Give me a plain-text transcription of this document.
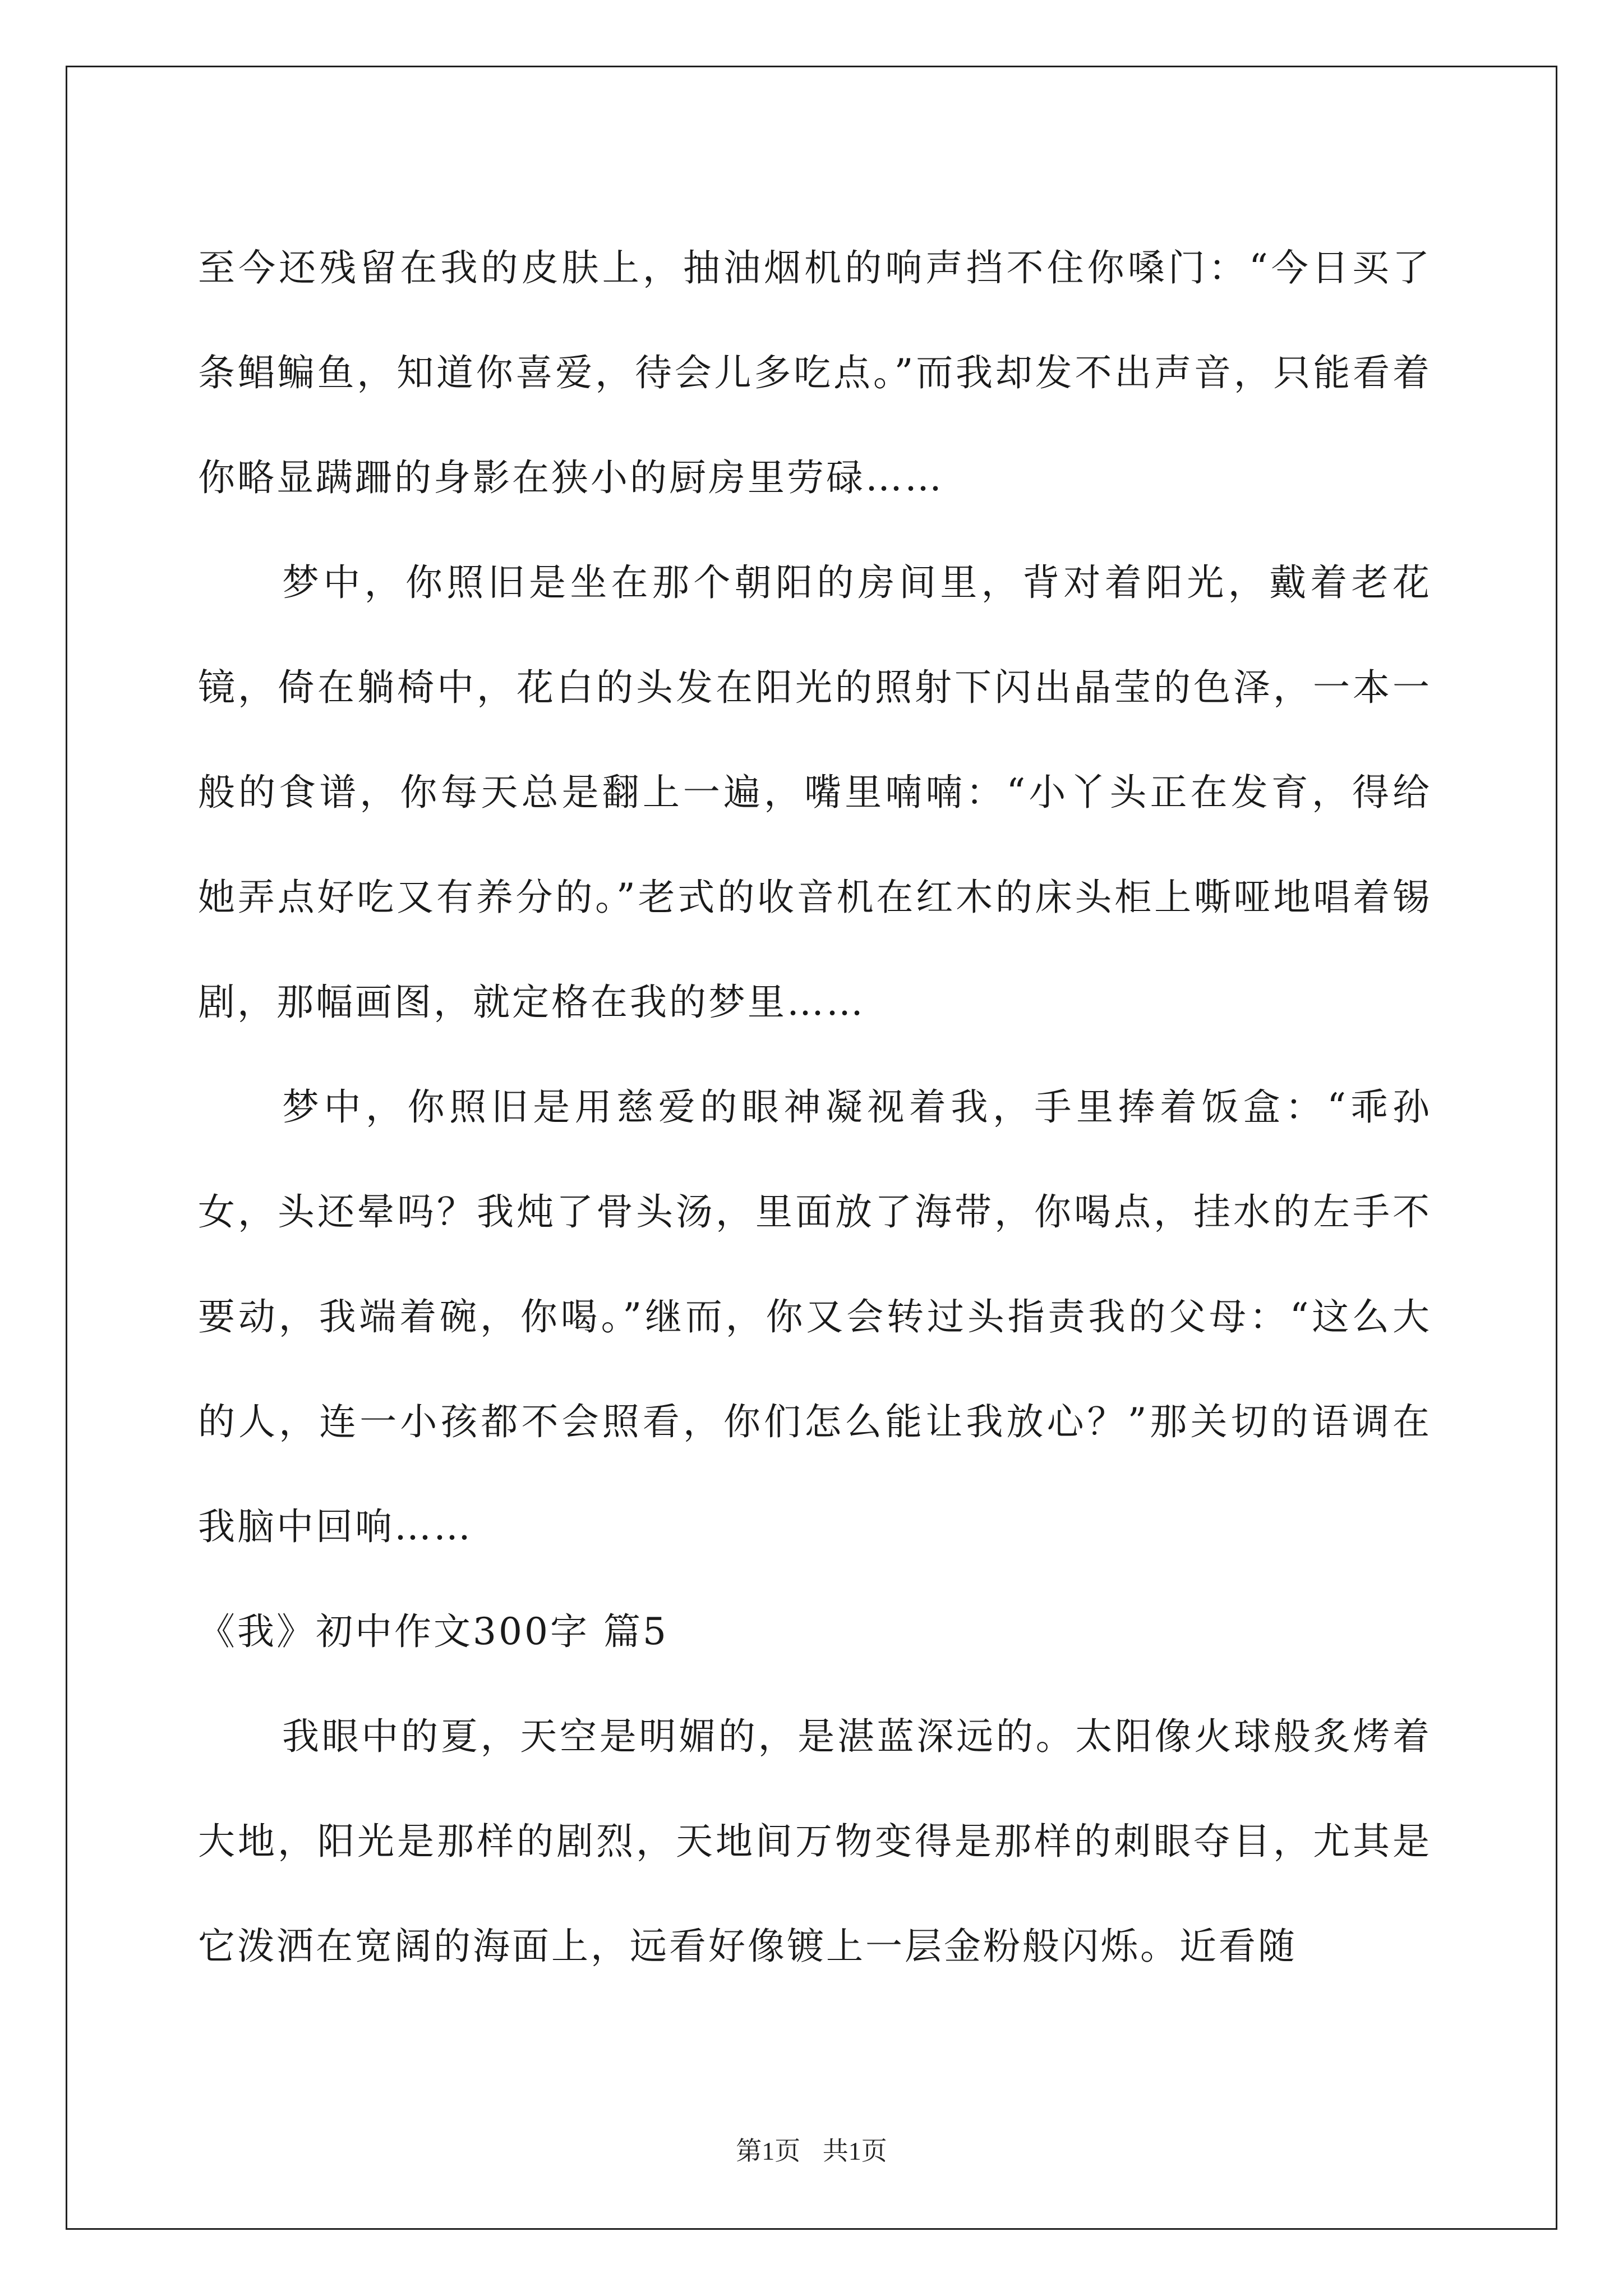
至今还残留在我的皮肤上，抽油烟机的响声挡不住你嗓门：“今日买了条鲳鳊鱼，知道你喜爱，待会儿多吃点。”而我却发不出声音，只能看着你略显蹒跚的身影在狭小的厨房里劳碌……

梦中，你照旧是坐在那个朝阳的房间里，背对着阳光，戴着老花镜，倚在躺椅中，花白的头发在阳光的照射下闪出晶莹的色泽，一本一般的食谱，你每天总是翻上一遍，嘴里喃喃：“小丫头正在发育，得给她弄点好吃又有养分的。”老式的收音机在红木的床头柜上嘶哑地唱着锡剧，那幅画图，就定格在我的梦里……

梦中，你照旧是用慈爱的眼神凝视着我，手里捧着饭盒：“乖孙女，头还晕吗？我炖了骨头汤，里面放了海带，你喝点，挂水的左手不要动，我端着碗，你喝。”继而，你又会转过头指责我的父母：“这么大的人，连一小孩都不会照看，你们怎么能让我放心？”那关切的语调在我脑中回响……

《我》初中作文300字 篇5

我眼中的夏，天空是明媚的，是湛蓝深远的。太阳像火球般炙烤着大地，阳光是那样的剧烈，天地间万物变得是那样的刺眼夺目，尤其是它泼洒在宽阔的海面上，远看好像镀上一层金粉般闪烁。近看随

第1页 共1页
